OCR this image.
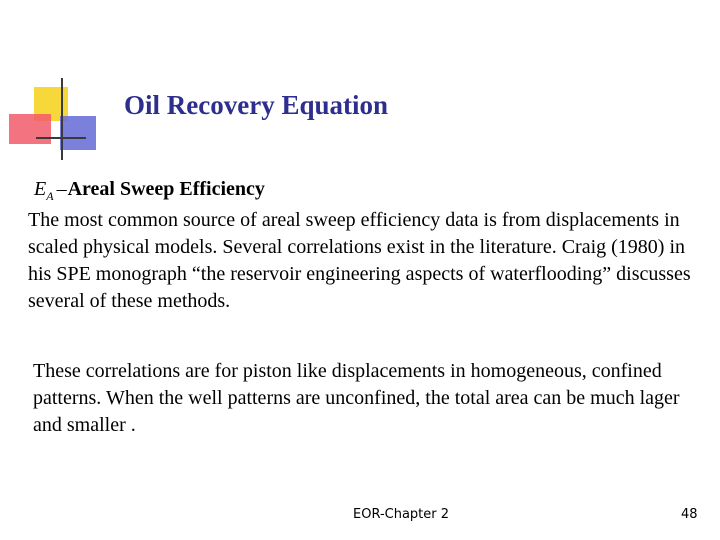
Oil Recovery Equation
$E_A$ – Areal Sweep Efficiency

The most common source of areal sweep efficiency data is from displacements in scaled physical models. Several correlations exist in the literature. Craig (1980) in his SPE monograph “the reservoir engineering aspects of waterflooding” discusses several of these methods.

These correlations are for piston like displacements in homogeneous, confined patterns. When the well patterns are unconfined, the total area can be much lager and smaller .

EOR-Chapter 2	48
